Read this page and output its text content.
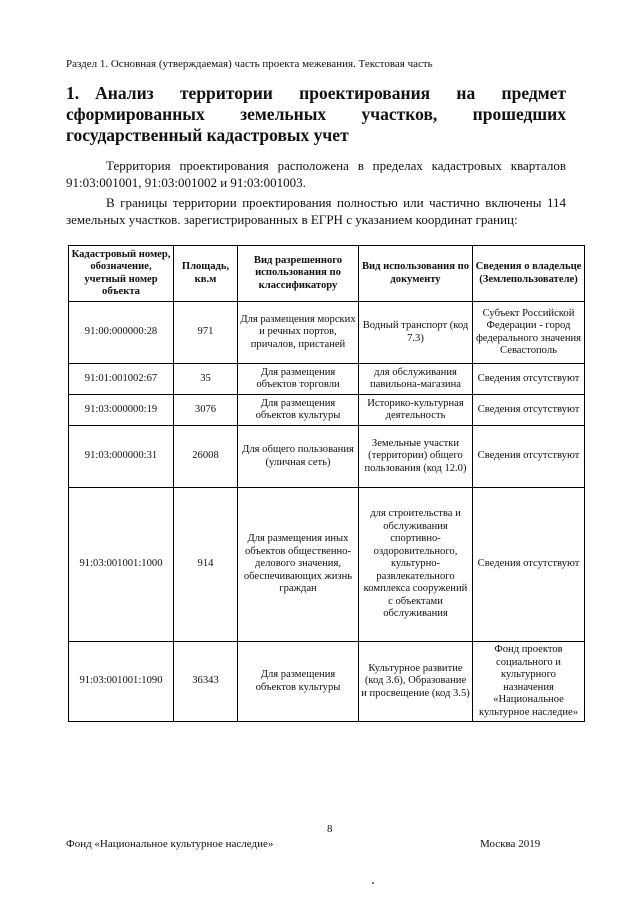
Раздел 1. Основная (утверждаемая) часть проекта межевания. Текстовая часть
1. Анализ территории проектирования на предмет сформированных земельных участков, прошедших государственный кадастровых учет
Территория проектирования расположена в пределах кадастровых кварталов 91:03:001001, 91:03:001002 и 91:03:001003.
В границы территории проектирования полностью или частично включены 114 земельных участков. зарегистрированных в ЕГРН с указанием координат границ:
Кадастровый номер, обозначение, учетный номер объекта	Площадь, кв.м	Вид разрешенного использования по классификатору	Вид использования по документу	Сведения о владельце (Землепользователе)
91:00:000000:28	971	Для размещения морских и речных портов, причалов, пристаней	Водный транспорт (код 7.3)	Субъект Российской Федерации - город федерального значения Севастополь
91:01:001002:67	35	Для размещения объектов торговли	для обслуживания павильона-магазина	Сведения отсутствуют
91:03:000000:19	3076	Для размещения объектов культуры	Историко-культурная деятельность	Сведения отсутствуют
91:03:000000:31	26008	Для общего пользования (уличная сеть)	Земельные участки (территории) общего пользования (код 12.0)	Сведения отсутствуют
91:03:001001:1000	914	Для размещения иных объектов общественно-делового значения, обеспечивающих жизнь граждан	для строительства и обслуживания спортивно-оздоровительного, культурно-развлекательного комплекса сооружений с объектами обслуживания	Сведения отсутствуют
91:03:001001:1090	36343	Для размещения объектов культуры	Культурное развитие (код 3.6), Образование и просвещение (код 3.5)	Фонд проектов социального и культурного назначения «Национальное культурное наследие»
8
Фонд «Национальное культурное наследие»	Москва 2019
